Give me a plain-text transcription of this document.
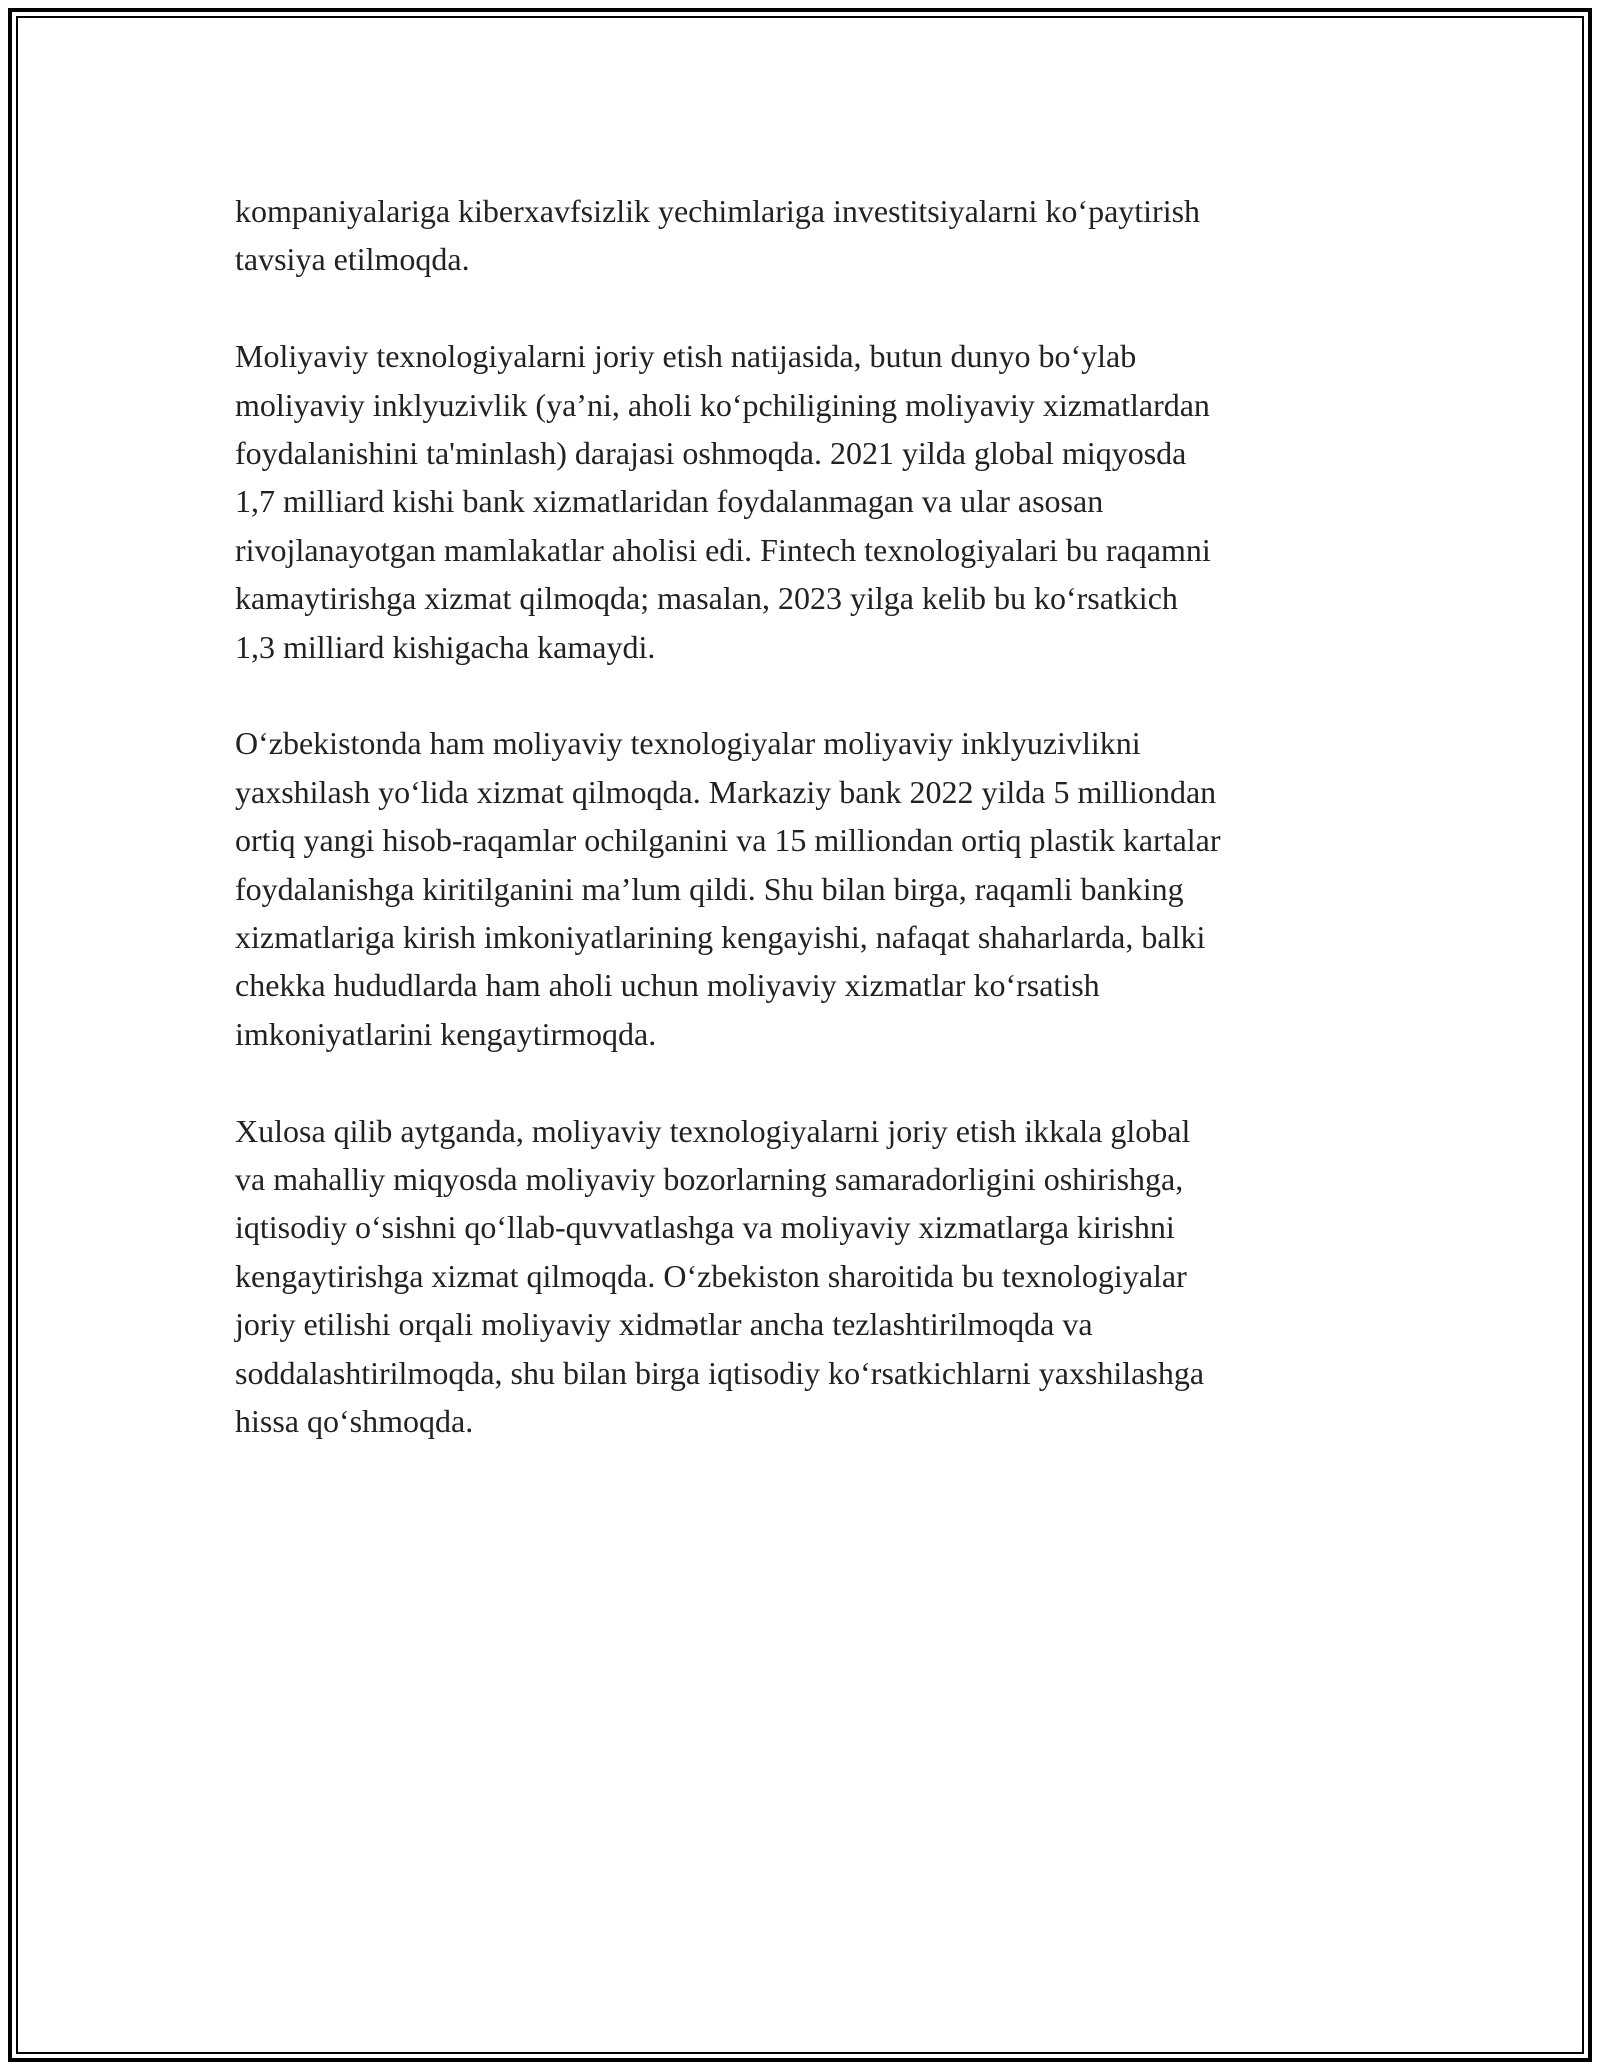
kompaniyalariga kiberxavfsizlik yechimlariga investitsiyalarni ko‘paytirish
tavsiya etilmoqda.

Moliyaviy texnologiyalarni joriy etish natijasida, butun dunyo bo‘ylab
moliyaviy inklyuzivlik (ya’ni, aholi ko‘pchiligining moliyaviy xizmatlardan
foydalanishini ta'minlash) darajasi oshmoqda. 2021 yilda global miqyosda
1,7 milliard kishi bank xizmatlaridan foydalanmagan va ular asosan
rivojlanayotgan mamlakatlar aholisi edi. Fintech texnologiyalari bu raqamni
kamaytirishga xizmat qilmoqda; masalan, 2023 yilga kelib bu ko‘rsatkich
1,3 milliard kishigacha kamaydi.

O‘zbekistonda ham moliyaviy texnologiyalar moliyaviy inklyuzivlikni
yaxshilash yo‘lida xizmat qilmoqda. Markaziy bank 2022 yilda 5 milliondan
ortiq yangi hisob-raqamlar ochilganini va 15 milliondan ortiq plastik kartalar
foydalanishga kiritilganini ma’lum qildi. Shu bilan birga, raqamli banking
xizmatlariga kirish imkoniyatlarining kengayishi, nafaqat shaharlarda, balki
chekka hududlarda ham aholi uchun moliyaviy xizmatlar ko‘rsatish
imkoniyatlarini kengaytirmoqda.

Xulosa qilib aytganda, moliyaviy texnologiyalarni joriy etish ikkala global
va mahalliy miqyosda moliyaviy bozorlarning samaradorligini oshirishga,
iqtisodiy o‘sishni qo‘llab-quvvatlashga va moliyaviy xizmatlarga kirishni
kengaytirishga xizmat qilmoqda. O‘zbekiston sharoitida bu texnologiyalar
joriy etilishi orqali moliyaviy xidmətlar ancha tezlashtirilmoqda va
soddalashtirilmoqda, shu bilan birga iqtisodiy ko‘rsatkichlarni yaxshilashga
hissa qo‘shmoqda.
